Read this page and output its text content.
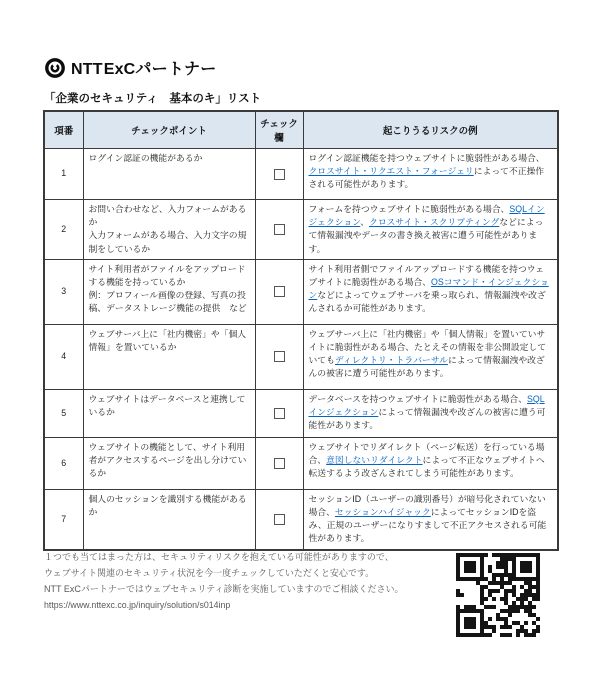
NTTExCパートナー
「企業のセキュリティ　基本のキ」リスト
項番	チェックポイント	チェック欄	起こりうるリスクの例
1	ログイン認証の機能があるか		ログイン認証機能を持つウェブサイトに脆弱性がある場合、クロスサイト・リクエスト・フォージェリによって不正操作される可能性があります。
2	お問い合わせなど、入力フォームがあるか
入力フォームがある場合、入力文字の規制をしているか		フォームを持つウェブサイトに脆弱性がある場合、SQLインジェクション、クロスサイト・スクリプティングなどによって情報漏洩やデータの書き換え被害に遭う可能性があります。
3	サイト利用者がファイルをアップロードする機能を持っているか
例：プロフィール画像の登録、写真の投稿、データストレージ機能の提供　など		サイト利用者側でファイルアップロードする機能を持つウェブサイトに脆弱性がある場合、OSコマンド・インジェクションなどによってウェブサーバを乗っ取られ、情報漏洩や改ざんされるか可能性があります。
4	ウェブサーバ上に「社内機密」や「個人情報」を置いているか		ウェブサーバ上に「社内機密」や「個人情報」を置いていサイトに脆弱性がある場合、たとえその情報を非公開設定していてもディレクトリ・トラバーサルによって情報漏洩や改ざんの被害に遭う可能性があります。
5	ウェブサイトはデータベースと連携しているか		データベースを持つウェブサイトに脆弱性がある場合、SQLインジェクションによって情報漏洩や改ざんの被害に遭う可能性があります。
6	ウェブサイトの機能として、サイト利用者がアクセスするページを出し分けているか		ウェブサイトでリダイレクト（ページ転送）を行っている場合、意図しないリダイレクトによって不正なウェブサイトへ転送するよう改ざんされてしまう可能性があります。
7	個人のセッションを識別する機能があるか		セッションID（ユーザーの識別番号）が暗号化されていない場合、セッションハイジャックによってセッションIDを盗み、正規のユーザーになりすまして不正アクセスされる可能性があります。
１つでも当てはまった方は、セキュリティリスクを抱えている可能性がありますので、
ウェブサイト関連のセキュリティ状況を今一度チェックしていただくと安心です。
NTT ExCパートナーではウェブセキュリティ診断を実施していますのでご相談ください。
https://www.nttexc.co.jp/inquiry/solution/s014inp
